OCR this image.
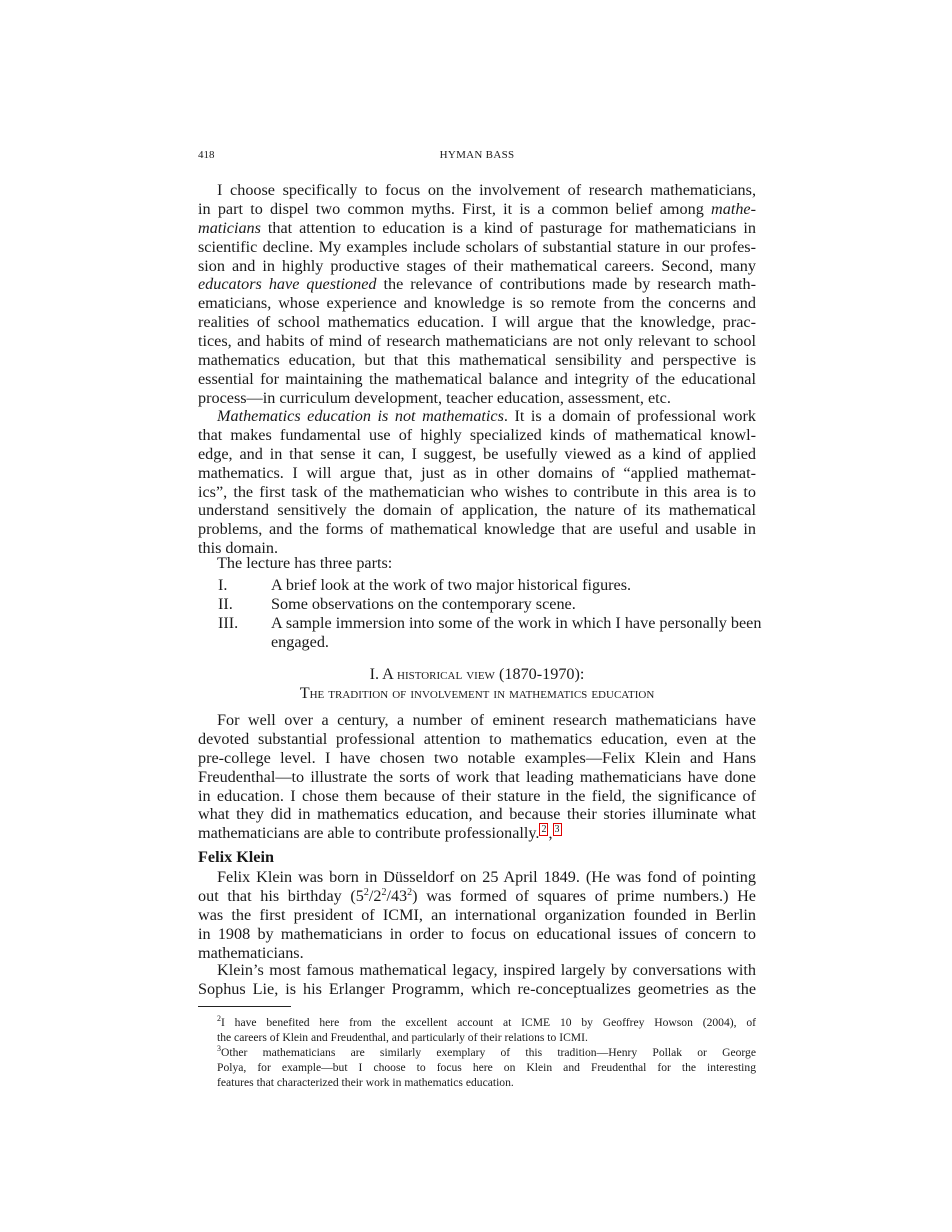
418	HYMAN BASS
I choose specifically to focus on the involvement of research mathematicians,
in part to dispel two common myths. First, it is a common belief among mathe-
maticians that attention to education is a kind of pasturage for mathematicians in
scientific decline. My examples include scholars of substantial stature in our profes-
sion and in highly productive stages of their mathematical careers. Second, many
educators have questioned the relevance of contributions made by research math-
ematicians, whose experience and knowledge is so remote from the concerns and
realities of school mathematics education. I will argue that the knowledge, prac-
tices, and habits of mind of research mathematicians are not only relevant to school
mathematics education, but that this mathematical sensibility and perspective is
essential for maintaining the mathematical balance and integrity of the educational
process—in curriculum development, teacher education, assessment, etc.
Mathematics education is not mathematics. It is a domain of professional work
that makes fundamental use of highly specialized kinds of mathematical knowl-
edge, and in that sense it can, I suggest, be usefully viewed as a kind of applied
mathematics. I will argue that, just as in other domains of “applied mathemat-
ics”, the first task of the mathematician who wishes to contribute in this area is to
understand sensitively the domain of application, the nature of its mathematical
problems, and the forms of mathematical knowledge that are useful and usable in
this domain.
The lecture has three parts:
I.	A brief look at the work of two major historical figures.
II.	Some observations on the contemporary scene.
III.	A sample immersion into some of the work in which I have personally been
engaged.
I. A historical view (1870-1970):
The tradition of involvement in mathematics education
For well over a century, a number of eminent research mathematicians have
devoted substantial professional attention to mathematics education, even at the
pre-college level. I have chosen two notable examples—Felix Klein and Hans
Freudenthal—to illustrate the sorts of work that leading mathematicians have done
in education. I chose them because of their stature in the field, the significance of
what they did in mathematics education, and because their stories illuminate what
mathematicians are able to contribute professionally. $^2$ , $^3$
Felix Klein
Felix Klein was born in Düsseldorf on 25 April 1849. (He was fond of pointing
out that his birthday $(5^2/2^2/43^2)$ was formed of squares of prime numbers.) He
was the first president of ICMI, an international organization founded in Berlin
in 1908 by mathematicians in order to focus on educational issues of concern to
mathematicians.
Klein’s most famous mathematical legacy, inspired largely by conversations with
Sophus Lie, is his Erlanger Programm, which re-conceptualizes geometries as the
$^2$I have benefited here from the excellent account at ICME 10 by Geoffrey Howson (2004), of
the careers of Klein and Freudenthal, and particularly of their relations to ICMI.
$^3$Other mathematicians are similarly exemplary of this tradition—Henry Pollak or George
Polya, for example—but I choose to focus here on Klein and Freudenthal for the interesting
features that characterized their work in mathematics education.
